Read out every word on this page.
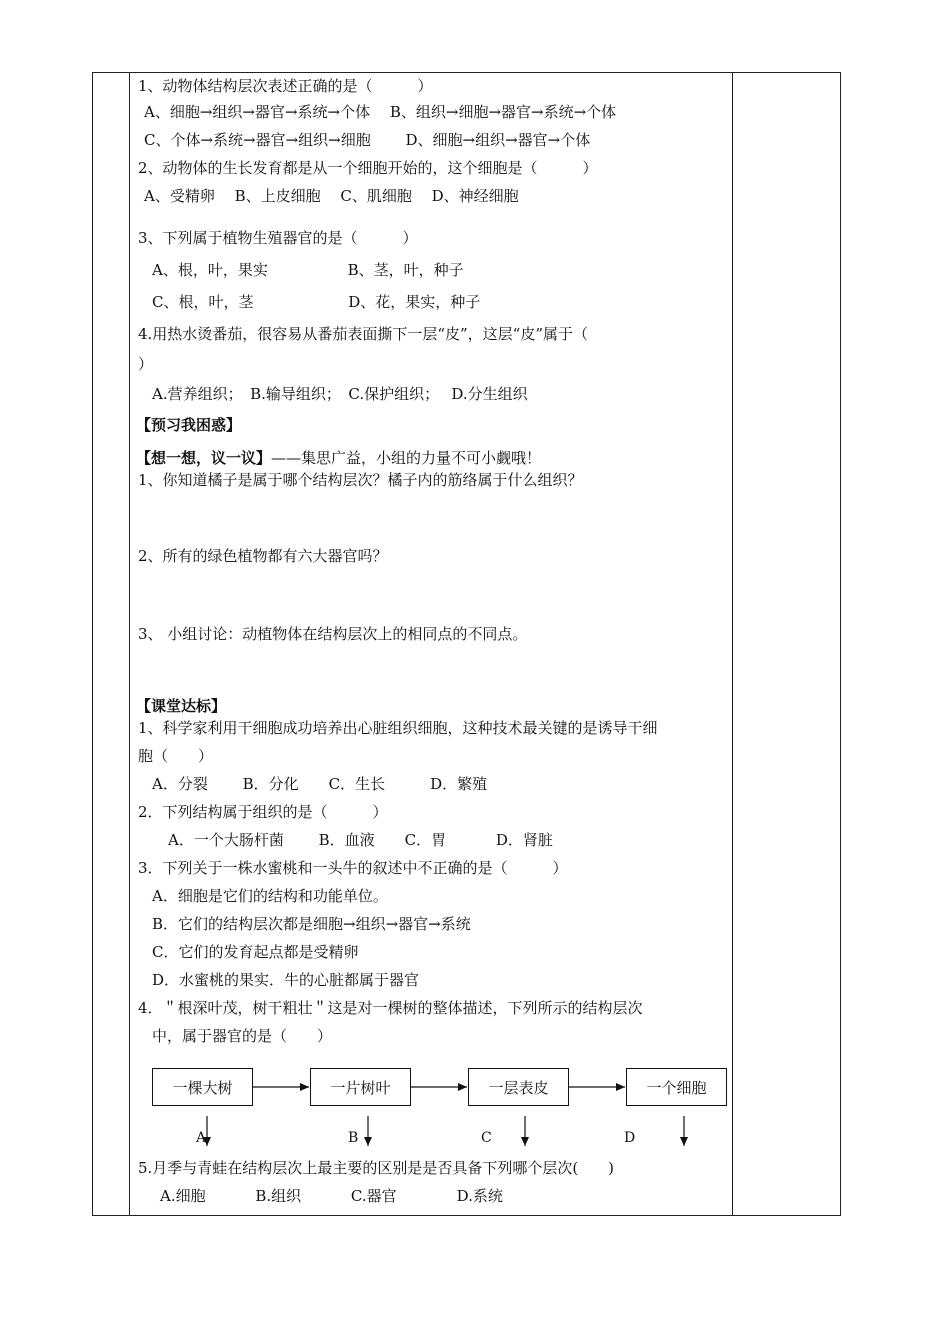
1、动物体结构层次表述正确的是（　　　）
A、细胞→组织→器官→系统→个体　 B、组织→细胞→器官→系统→个体
C、个体→系统→器官→组织→细胞　　 D、细胞→组织→器官→个体
2、动物体的生长发育都是从一个细胞开始的，这个细胞是（　　　）
A、受精卵　 B、上皮细胞　 C、肌细胞　 D、神经细胞
3、下列属于植物生殖器官的是（　　　）
A、根，叶，果实　　　　　 B、茎，叶，种子
C、根，叶，茎　　　　　　 D、花，果实，种子
4.用热水烫番茄，很容易从番茄表面撕下一层“皮”，这层“皮”属于（
）
A.营养组织；　B.输导组织；　C.保护组织；　 D.分生组织
【预习我困惑】
【想一想，议一议】——集思广益，小组的力量不可小觑哦！
1、你知道橘子是属于哪个结构层次？橘子内的筋络属于什么组织？
2、所有的绿色植物都有六大器官吗？
3、 小组讨论：动植物体在结构层次上的相同点的不同点。
【课堂达标】
1、科学家利用干细胞成功培养出心脏组织细胞，这种技术最关键的是诱导干细
胞（　　）
A．分裂　　 B．分化　　C．生长　　　D．繁殖
2．下列结构属于组织的是（　　　）
A．一个大肠杆菌　　 B．血液　　C．胃　　　 D．肾脏
3．下列关于一株水蜜桃和一头牛的叙述中不正确的是（　　　）
A．细胞是它们的结构和功能单位。
B．它们的结构层次都是细胞→组织→器官→系统
C．它们的发育起点都是受精卵
D．水蜜桃的果实．牛的心脏都属于器官
4．＂根深叶茂，树干粗壮＂这是对一棵树的整体描述，下列所示的结构层次
中，属于器官的是（　　）
5.月季与青蛙在结构层次上最主要的区别是是否具备下列哪个层次(　　)
A.细胞　　　 B.组织　　　 C.器官　　　　D.系统
一棵大树	一片树叶	一层表皮	一个细胞
A	B	C	D
